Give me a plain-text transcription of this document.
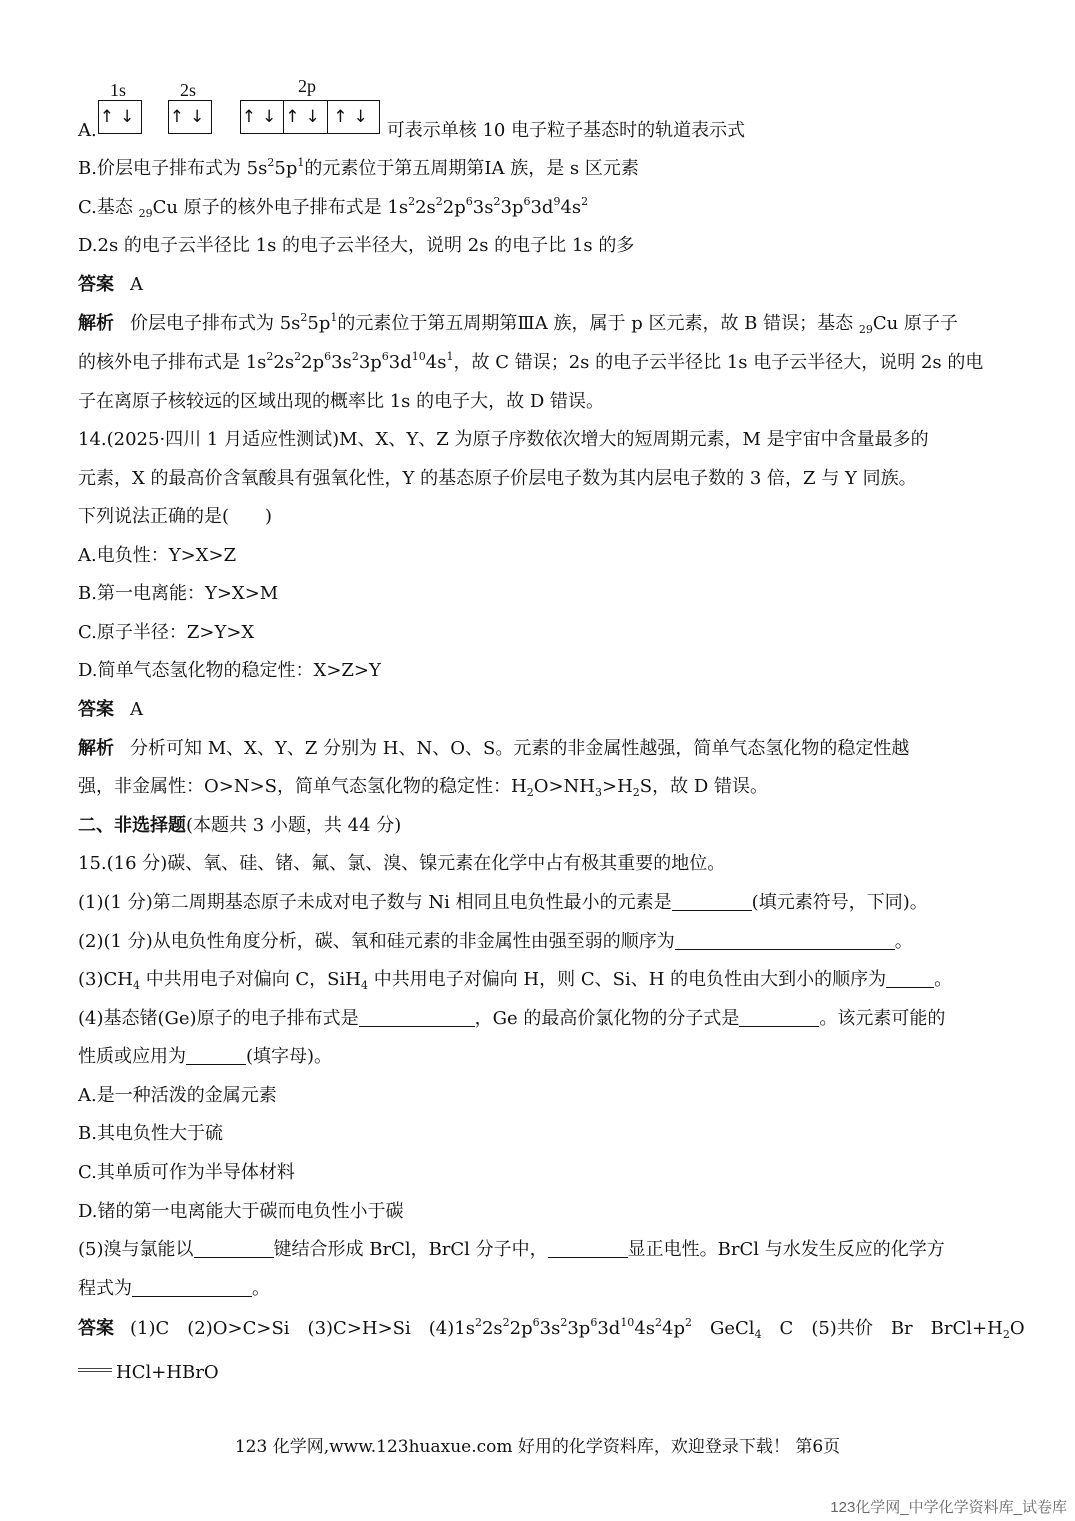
1s	2s	2p
↑↓ ↑↓ ↑↓ ↑↓ ↑↓
A.	可表示单核 10 电子粒子基态时的轨道表示式
B.价层电子排布式为 $5s^25p^1$的元素位于第五周期第ⅠA 族，是 s 区元素
C.基态 $_{29}$Cu 原子的核外电子排布式是 $1s^22s^22p^63s^23p^63d^94s^2$
D.2s 的电子云半径比 1s 的电子云半径大，说明 2s 的电子比 1s 的多
答案 A
解析 价层电子排布式为 $5s^25p^1$的元素位于第五周期第ⅢA 族，属于 p 区元素，故 B 错误；基态 $_{29}$Cu 原子子
的核外电子排布式是 $1s^22s^22p^63s^23p^63d^{10}4s^1$，故 C 错误；2s 的电子云半径比 1s 电子云半径大，说明 2s 的电
子在离原子核较远的区域出现的概率比 1s 的电子大，故 D 错误。
14.(2025·四川 1 月适应性测试)M、X、Y、Z 为原子序数依次增大的短周期元素，M 是宇宙中含量最多的
元素，X 的最高价含氧酸具有强氧化性，Y 的基态原子价层电子数为其内层电子数的 3 倍，Z 与 Y 同族。
下列说法正确的是(　　)
A.电负性：Y>X>Z
B.第一电离能：Y>X>M
C.原子半径：Z>Y>X
D.简单气态氢化物的稳定性：X>Z>Y
答案 A
解析 分析可知 M、X、Y、Z 分别为 H、N、O、S。元素的非金属性越强，简单气态氢化物的稳定性越
强，非金属性：O>N>S，简单气态氢化物的稳定性：$H_2O>NH_3>H_2S$，故 D 错误。
二、非选择题(本题共 3 小题，共 44 分)
15.(16 分)碳、氧、硅、锗、氟、氯、溴、镍元素在化学中占有极其重要的地位。
(1)(1 分)第二周期基态原子未成对电子数与 Ni 相同且电负性最小的元素是	(填元素符号，下同)。
(2)(1 分)从电负性角度分析，碳、氧和硅元素的非金属性由强至弱的顺序为	。
$(3)CH_4$ 中共用电子对偏向 C，SiH$_4$ 中共用电子对偏向 H，则 C、Si、H 的电负性由大到小的顺序为	。
(4)基态锗(Ge)原子的电子排布式是	，Ge 的最高价氯化物的分子式是	。该元素可能的
性质或应用为	(填字母)。
A.是一种活泼的金属元素
B.其电负性大于硫
C.其单质可作为半导体材料
D.锗的第一电离能大于碳而电负性小于碳
(5)溴与氯能以	键结合形成 BrCl，BrCl 分子中，	显正电性。BrCl 与水发生反应的化学方
程式为	。
答案 (1)C　(2)O>C>Si　(3)C>H>Si　$(4)1s^22s^22p^63s^23p^63d^{10}4s^24p^2$　GeCl$_4$　C　(5)共价　Br　$BrCl+H_2O$
HCl+HBrO
123 化学网,www.123huaxue.com 好用的化学资料库，欢迎登录下载！ 第6页
123化学网_中学化学资料库_试卷库
